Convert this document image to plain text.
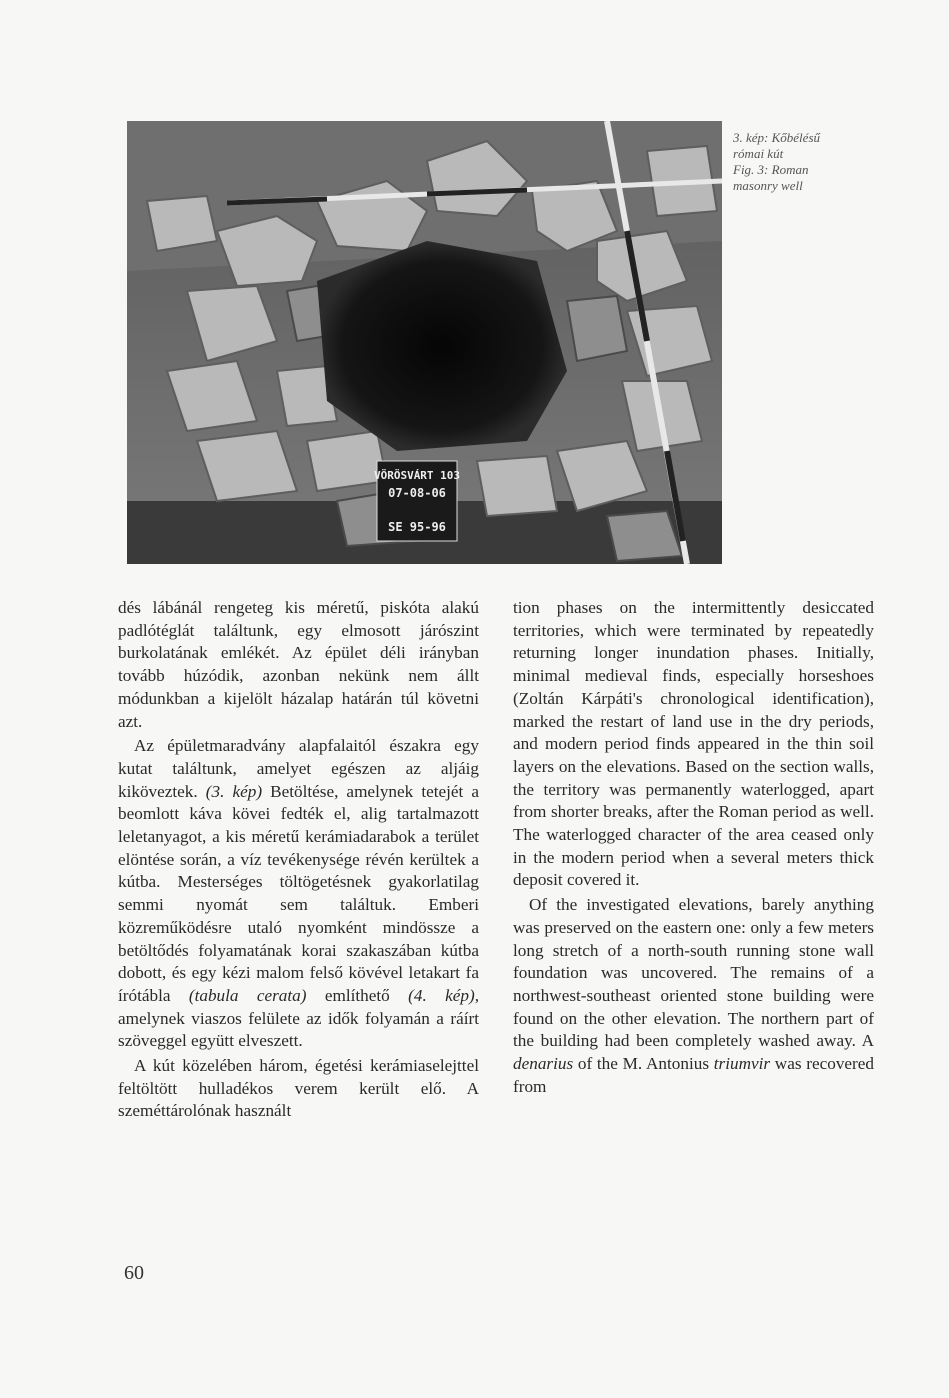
VÖRÖSVÁRT 103
07-08-06
SE 95-96
3. kép: Kőbélésű
római kút
Fig. 3: Roman
masonry well

dés lábánál rengeteg kis méretű, piskóta alakú padlótéglát találtunk, egy elmosott járószint burkolatának emlékét. Az épület déli irányban tovább húzódik, azonban nekünk nem állt módunkban a kijelölt házalap határán túl követni azt.

Az épületmaradvány alapfalaitól északra egy kutat találtunk, amelyet egészen az aljáig kiköveztek. (3. kép) Betöltése, amelynek tetejét a beomlott káva kövei fedték el, alig tartalmazott leletanyagot, a kis méretű kerámiadarabok a terület elöntése során, a víz tevékenysége révén kerültek a kútba. Mesterséges töltögetésnek gyakorlatilag semmi nyomát sem találtuk. Emberi közreműködésre utaló nyomként mindössze a betöltődés folyamatának korai szakaszában kútba dobott, és egy kézi malom felső kövével letakart fa írótábla (tabula cerata) említhető (4. kép), amelynek viaszos felülete az idők folyamán a ráírt szöveggel együtt elveszett.

A kút közelében három, égetési kerámiaselejttel feltöltött hulladékos verem került elő. A szeméttárolónak használt

tion phases on the intermittently desiccated territories, which were terminated by repeatedly returning longer inundation phases. Initially, minimal medieval finds, especially horseshoes (Zoltán Kárpáti's chronological identification), marked the restart of land use in the dry periods, and modern period finds appeared in the thin soil layers on the elevations. Based on the section walls, the territory was permanently waterlogged, apart from shorter breaks, after the Roman period as well. The waterlogged character of the area ceased only in the modern period when a several meters thick deposit covered it.

Of the investigated elevations, barely anything was preserved on the eastern one: only a few meters long stretch of a north-south running stone wall foundation was uncovered. The remains of a northwest-southeast oriented stone building were found on the other elevation. The northern part of the building had been completely washed away. A denarius of the M. Antonius triumvir was recovered from

60
